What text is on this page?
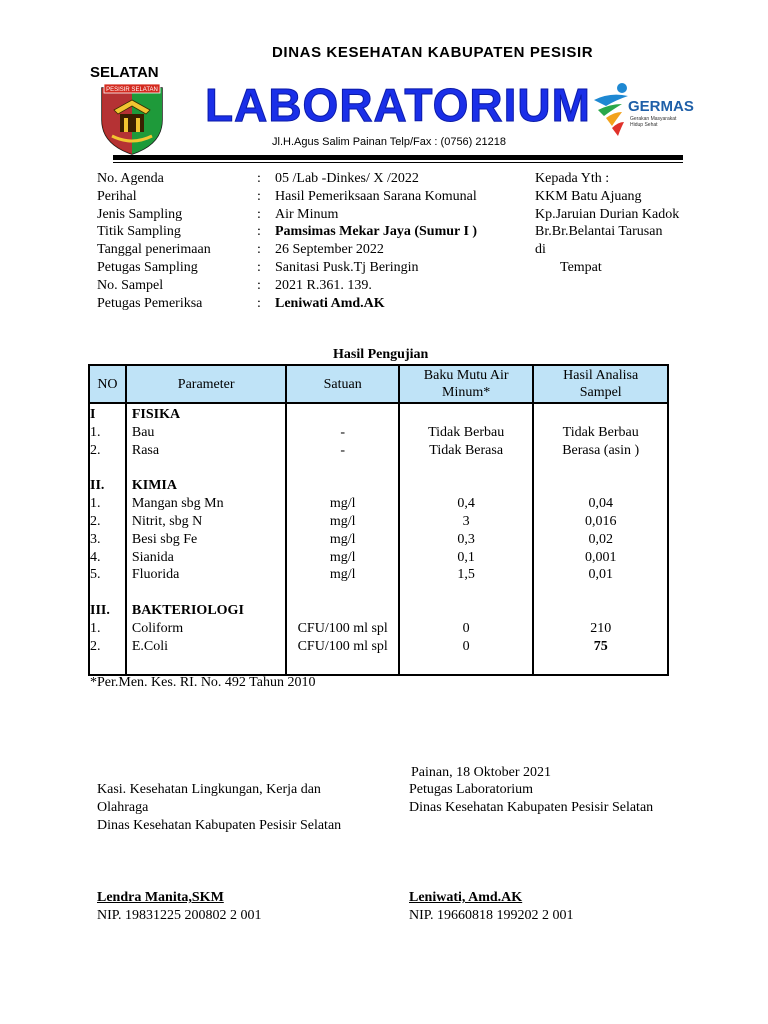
DINAS KESEHATAN KABUPATEN PESISIR
SELATAN
PESISIR SELATAN LABORATORIUM GERMAS
Gerakan Masyarakat
Hidup Sehat
Jl.H.Agus Salim Painan Telp/Fax : (0756) 21218
No. Agenda	:	05 /Lab -Dinkes/ X /2022
Perihal	:	Hasil Pemeriksaan Sarana Komunal
Jenis Sampling	:	Air Minum
Titik Sampling	:	Pamsimas Mekar Jaya (Sumur I )
Tanggal penerimaan	:	26 September 2022
Petugas Sampling	:	Sanitasi Pusk.Tj Beringin
No. Sampel	:	2021 R.361. 139.
Petugas Pemeriksa	:	Leniwati Amd.AK
Kepada Yth :
KKM Batu Ajuang
Kp.Jaruian Durian Kadok
Br.Br.Belantai Tarusan
di
Tempat
Hasil Pengujian
NO	Parameter	Satuan	Baku Mutu Air Minum*	Hasil Analisa Sampel

I	FISIKA			
1.	Bau	-	Tidak Berbau	Tidak Berbau
2.	Rasa	-	Tidak Berasa	Berasa (asin )

II.	KIMIA			
1.	Mangan sbg Mn	mg/l	0,4	0,04
2.	Nitrit, sbg N	mg/l	3	0,016
3.	Besi sbg Fe	mg/l	0,3	0,02
4.	Sianida	mg/l	0,1	0,001
5.	Fluorida	mg/l	1,5	0,01

III.	BAKTERIOLOGI			
1.	Coliform	CFU/100 ml spl	0	210
2.	E.Coli	CFU/100 ml spl	0	75

*Per.Men. Kes. RI. No. 492 Tahun 2010
Kasi. Kesehatan Lingkungan, Kerja dan
Olahraga
Dinas Kesehatan Kabupaten Pesisir Selatan
Lendra Manita,SKM
NIP. 19831225 200802 2 001
Painan, 18 Oktober 2021
Petugas Laboratorium
Dinas Kesehatan Kabupaten Pesisir Selatan
Leniwati, Amd.AK
NIP. 19660818 199202 2 001
